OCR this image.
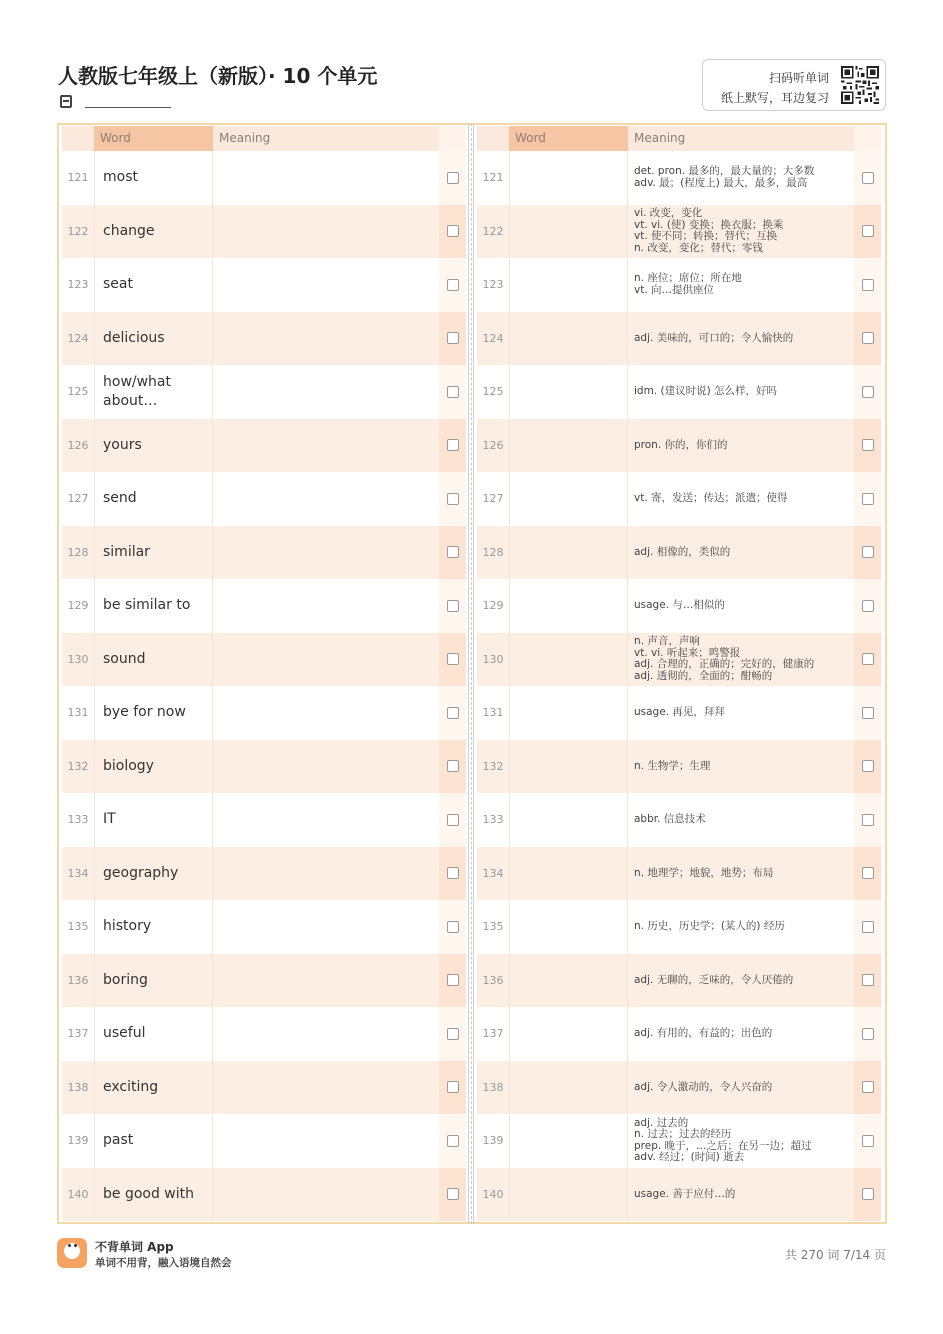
人教版七年级上（新版）· 10 个单元	扫码听单词
纸上默写，耳边复习
Word	Meaning
121	most
122	change
123	seat
124	delicious
125
how/what about…
126	yours
127	send
128	similar
129	be similar to
130	sound
131	bye for now
132	biology
133	IT
134	geography
135	history
136	boring
137	useful
138	exciting
139	past
140	be good with
Word	Meaning
121	det. pron. 最多的，最大量的；大多数
adv. 最；(程度上) 最大，最多，最高
122
vi. 改变，变化
vt. vi. (使) 变换；换衣服；换乘
vt. 使不同；转换；替代；互换
n. 改变，变化；替代；零钱
123	n. 座位；席位；所在地
vt. 向…提供座位
124	adj. 美味的，可口的；令人愉快的
125	idm. (建议时说) 怎么样，好吗
126	pron. 你的，你们的
127	vt. 寄，发送；传达；派遣；使得
128	adj. 相像的，类似的
129	usage. 与…相似的
130
n. 声音，声响
vt. vi. 听起来；鸣警报
adj. 合理的，正确的；完好的，健康的
adj. 透彻的，全面的；酣畅的
131	usage. 再见，拜拜
132	n. 生物学；生理
133	abbr. 信息技术
134	n. 地理学；地貌，地势；布局
135	n. 历史，历史学；(某人的) 经历
136	adj. 无聊的，乏味的，令人厌倦的
137	adj. 有用的，有益的；出色的
138	adj. 令人激动的，令人兴奋的
139
adj. 过去的
n. 过去；过去的经历
prep. 晚于，…之后；在另一边；超过
adv. 经过；(时间) 逝去
140	usage. 善于应付…的
不背单词 App
单词不用背，融入语境自然会
共 270 词 7/14 页
